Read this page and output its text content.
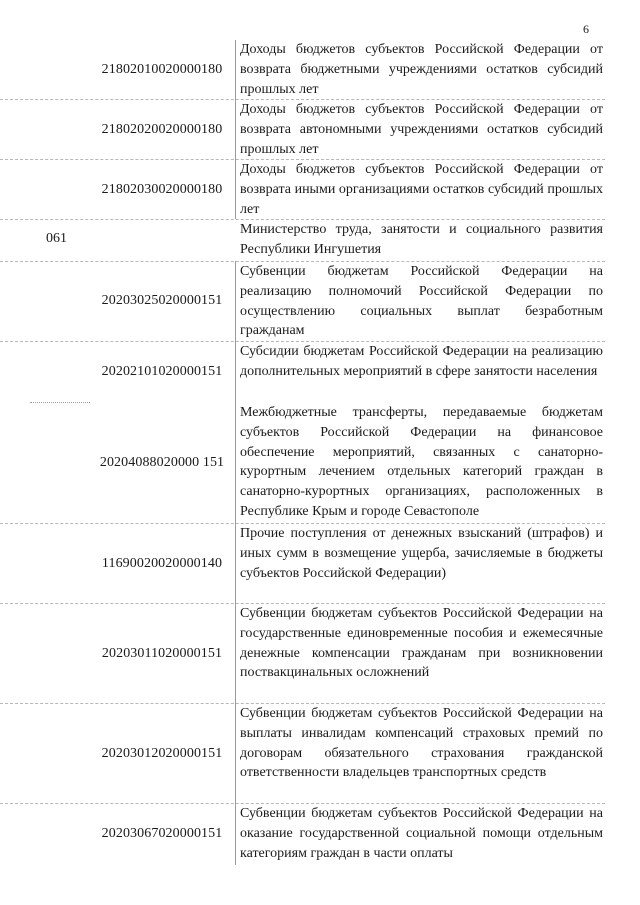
6
21802010020000180
Доходы бюджетов субъектов Российской Федерации от возврата бюджетными учреждениями остатков субсидий прошлых лет
21802020020000180
Доходы бюджетов субъектов Российской Федерации от возврата автономными учреждениями остатков субсидий прошлых лет
21802030020000180
Доходы бюджетов субъектов Российской Федерации от возврата иными организациями остатков субсидий прошлых лет
061
Министерство труда, занятости и социального развития Республики Ингушетия
20203025020000151
Субвенции бюджетам Российской Федерации на реализацию полномочий Российской Федерации по осуществлению социальных выплат безработным гражданам
20202101020000151
Субсидии бюджетам Российской Федерации на реализацию дополнительных мероприятий в сфере занятости населения
20204088020000 151
Межбюджетные трансферты, передаваемые бюджетам субъектов Российской Федерации на финансовое обеспечение мероприятий, связанных с санаторно-курортным лечением отдельных категорий граждан в санаторно-курортных организациях, расположенных в Республике Крым и городе Севастополе
11690020020000140
Прочие поступления от денежных взысканий (штрафов) и иных сумм в возмещение ущерба, зачисляемые в бюджеты субъектов Российской Федерации)
20203011020000151
Субвенции бюджетам субъектов Российской Федерации на государственные единовременные пособия и ежемесячные денежные компенсации гражданам при возникновении поствакцинальных осложнений
20203012020000151
Субвенции бюджетам субъектов Российской Федерации на выплаты инвалидам компенсаций страховых премий по договорам обязательного страхования гражданской ответственности владельцев транспортных средств
20203067020000151
Субвенции бюджетам субъектов Российской Федерации на оказание государственной социальной помощи отдельным категориям граждан в части оплаты
